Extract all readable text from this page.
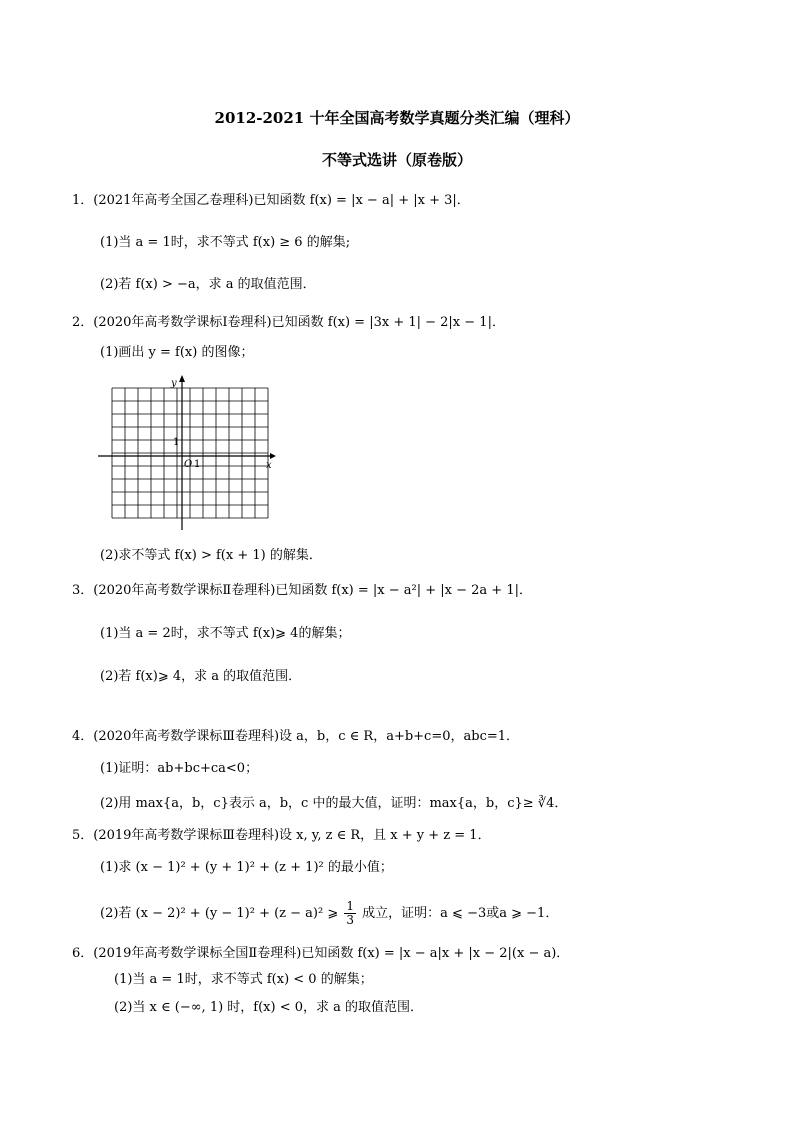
2012-2021 十年全国高考数学真题分类汇编（理科）
不等式选讲（原卷版）
1．(2021年高考全国乙卷理科)已知函数 f(x) = |x − a| + |x + 3|．
(1)当 a = 1时，求不等式 f(x) ≥ 6 的解集;
(2)若 f(x) > −a，求 a 的取值范围．
2．(2020年高考数学课标Ⅰ卷理科)已知函数 f(x) = |3x + 1| − 2|x − 1|．
(1)画出 y = f(x) 的图像；
y
x
O 1
1
(2)求不等式 f(x) > f(x + 1) 的解集．
3．(2020年高考数学课标Ⅱ卷理科)已知函数 f(x) = |x − a²| + |x − 2a + 1|．
(1)当 a = 2时，求不等式 f(x)⩾ 4的解集；
(2)若 f(x)⩾ 4，求 a 的取值范围．
4．(2020年高考数学课标Ⅲ卷理科)设 a，b，c ∈ R，a+b+c=0，abc=1．
(1)证明：ab+bc+ca<0；
(2)用 max{a，b，c}表示 a，b，c 中的最大值，证明：max{a，b，c}≥ ∛4．
5．(2019年高考数学课标Ⅲ卷理科)设 x, y, z ∈ R，且 x + y + z = 1．
(1)求 (x − 1)² + (y + 1)² + (z + 1)² 的最小值；
(2)若 (x − 2)² + (y − 1)² + (z − a)² ⩾ $\frac{1}{3}$ 成立，证明：a ⩽ −3或a ⩾ −1．
6．(2019年高考数学课标全国Ⅱ卷理科)已知函数 f(x) = |x − a|x + |x − 2|(x − a)．
(1)当 a = 1时，求不等式 f(x) < 0 的解集；
(2)当 x ∈ (−∞, 1) 时，f(x) < 0，求 a 的取值范围．
